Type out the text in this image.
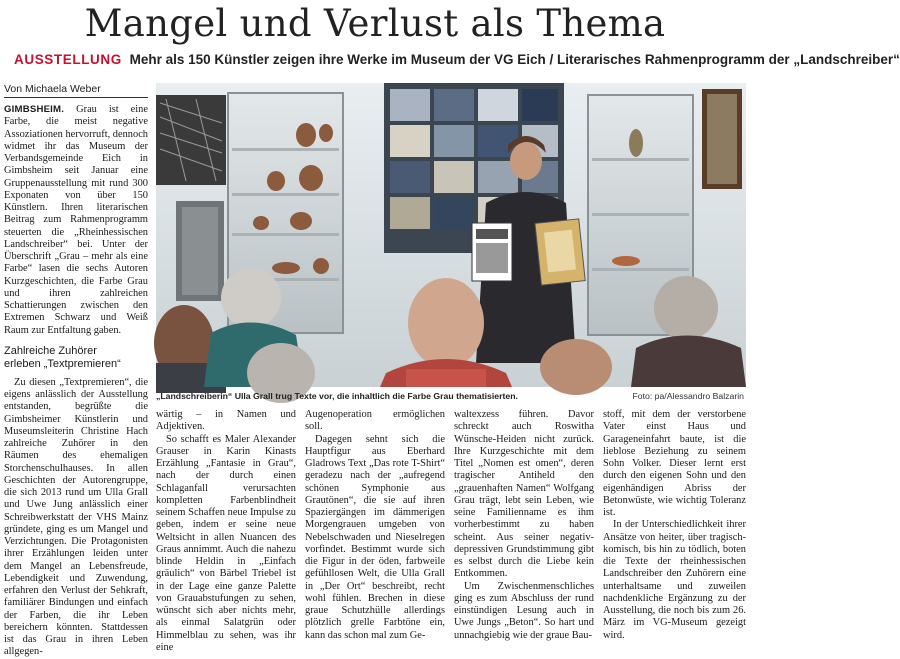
Mangel und Verlust als Thema
AUSSTELLUNG Mehr als 150 Künstler zeigen ihre Werke im Museum der VG Eich / Literarisches Rahmenprogramm der „Landschreiber“
Von Michaela Weber

GIMBSHEIM. Grau ist eine Farbe, die meist negative Assoziationen hervorruft, dennoch widmet ihr das Museum der Verbandsgemeinde Eich in Gimbsheim seit Januar eine Gruppenausstellung mit rund 300 Exponaten von über 150 Künstlern. Ihren literarischen Beitrag zum Rahmenprogramm steuerten die „Rheinhessischen Landschreiber“ bei. Unter der Überschrift „Grau – mehr als eine Farbe“ lasen die sechs Autoren Kurzgeschichten, die Farbe Grau und ihren zahlreichen Schattierungen zwischen den Extremen Schwarz und Weiß Raum zur Entfaltung gaben.

Zahlreiche Zuhörer
erleben „Textpremieren“

Zu diesen „Textpremieren“, die eigens anlässlich der Ausstellung entstanden, begrüßte die Gimbsheimer Künstlerin und Museumsleiterin Christine Hach zahlreiche Zuhörer in den Räumen des ehemaligen Storchenschulhauses. In allen Geschichten der Autorengruppe, die sich 2013 rund um Ulla Grall und Uwe Jung anlässlich einer Schreibwerkstatt der VHS Mainz gründete, ging es um Mangel und Verzichtungen. Die Protagonisten ihrer Erzählungen leiden unter dem Mangel an Lebensfreude, Lebendigkeit und Zuwendung, erfahren den Verlust der Sehkraft, familiärer Bindungen und einfach der Farben, die ihr Leben bereichern könnten. Stattdessen ist das Grau in ihren Leben allgegen-

„Landschreiberin“ Ulla Grall trug Texte vor, die inhaltlich die Farbe Grau thematisierten.	Foto: pa/Alessandro Balzarin

wärtig – in Namen und Adjektiven.

So schafft es Maler Alexander Grauser in Karin Kinasts Erzählung „Fantasie in Grau“, nach der durch einen Schlaganfall verursachten kompletten Farbenblindheit seinem Schaffen neue Impulse zu geben, indem er seine neue Weltsicht in allen Nuancen des Graus annimmt. Auch die nahezu blinde Heldin in „Einfach gräulich“ von Bärbel Triebel ist in der Lage eine ganze Palette von Grauabstufungen zu sehen, wünscht sich aber nichts mehr, als einmal Salatgrün oder Himmelblau zu sehen, was ihr eine

Augenoperation ermöglichen soll.

Dagegen sehnt sich die Hauptfigur aus Eberhard Gladrows Text „Das rote T-Shirt“ geradezu nach der „aufregend schönen Symphonie aus Grautönen“, die sie auf ihren Spaziergängen im dämmerigen Morgengrauen umgeben von Nebelschwaden und Nieselregen vorfindet. Bestimmt wurde sich die Figur in der öden, farbweile gefühllosen Welt, die Ulla Grall in „Der Ort“ beschreibt, recht wohl fühlen. Brechen in diese graue Schutzhülle allerdings plötzlich grelle Farbtöne ein, kann das schon mal zum Ge-

waltexzess führen. Davor schreckt auch Roswitha Wünsche-Heiden nicht zurück. Ihre Kurzgeschichte mit dem Titel „Nomen est omen“, deren tragischer Antiheld den „grauenhaften Namen“ Wolfgang Grau trägt, lebt sein Leben, wie seine Familienname es ihm vorherbestimmt zu haben scheint. Aus seiner negativ-depressiven Grundstimmung gibt es selbst durch die Liebe kein Entkommen.

Um Zwischenmenschliches ging es zum Abschluss der rund einstündigen Lesung auch in Uwe Jungs „Beton“. So hart und unnachgiebig wie der graue Bau-

stoff, mit dem der verstorbene Vater einst Haus und Garageneinfahrt baute, ist die lieblose Beziehung zu seinem Sohn Volker. Dieser lernt erst durch den eigenen Sohn und den eigenhändigen Abriss der Betonwüste, wie wichtig Toleranz ist.

In der Unterschiedlichkeit ihrer Ansätze von heiter, über tragisch-komisch, bis hin zu tödlich, boten die Texte der rheinhessischen Landschreiber den Zuhörern eine unterhaltsame und zuweilen nachdenkliche Ergänzung zu der Ausstellung, die noch bis zum 26. März im VG-Museum gezeigt wird.
